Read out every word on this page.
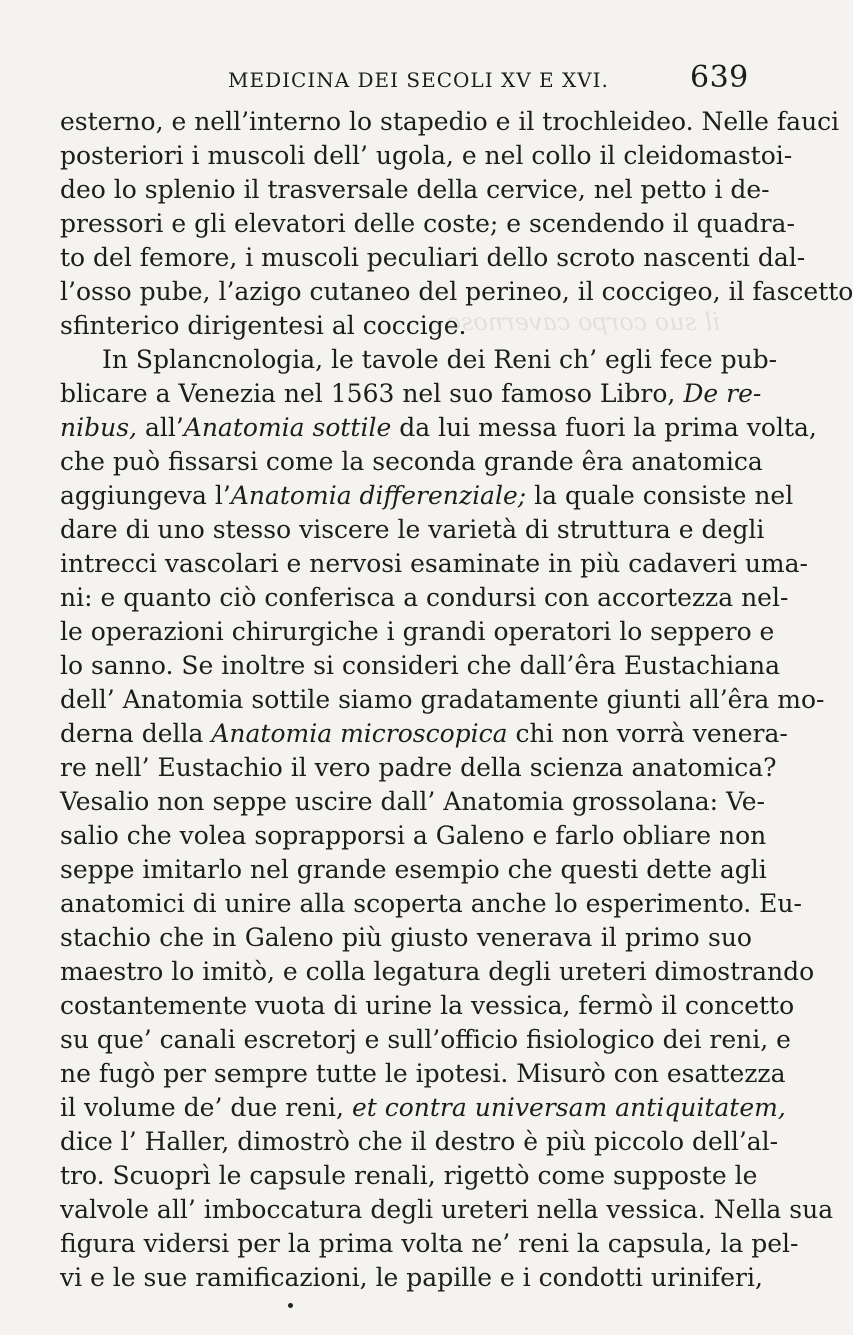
MEDICINA DEI SECOLI XV E XVI.	639
il suo corpo cavernoso
esterno, e nell’interno lo stapedio e il trochleideo. Nelle fauci
posteriori i muscoli dell’ ugola, e nel collo il cleidomastoi-
deo lo splenio il trasversale della cervice, nel petto i de-
pressori e gli elevatori delle coste; e scendendo il quadra-
to del femore, i muscoli peculiari dello scroto nascenti dal-
l’osso pube, l’azigo cutaneo del perineo, il coccigeo, il fascetto
sfinterico dirigentesi al coccige.
In Splancnologia, le tavole dei Reni ch’ egli fece pub-
blicare a Venezia nel 1563 nel suo famoso Libro, De re-
nibus, all’Anatomia sottile da lui messa fuori la prima volta,
che può fissarsi come la seconda grande êra anatomica
aggiungeva l’Anatomia differenziale; la quale consiste nel
dare di uno stesso viscere le varietà di struttura e degli
intrecci vascolari e nervosi esaminate in più cadaveri uma-
ni: e quanto ciò conferisca a condursi con accortezza nel-
le operazioni chirurgiche i grandi operatori lo seppero e
lo sanno. Se inoltre si consideri che dall’êra Eustachiana
dell’ Anatomia sottile siamo gradatamente giunti all’êra mo-
derna della Anatomia microscopica chi non vorrà venera-
re nell’ Eustachio il vero padre della scienza anatomica?
Vesalio non seppe uscire dall’ Anatomia grossolana: Ve-
salio che volea soprapporsi a Galeno e farlo obliare non
seppe imitarlo nel grande esempio che questi dette agli
anatomici di unire alla scoperta anche lo esperimento. Eu-
stachio che in Galeno più giusto venerava il primo suo
maestro lo imitò, e colla legatura degli ureteri dimostrando
costantemente vuota di urine la vessica, fermò il concetto
su que’ canali escretorj e sull’officio fisiologico dei reni, e
ne fugò per sempre tutte le ipotesi. Misurò con esattezza
il volume de’ due reni, et contra universam antiquitatem,
dice l’ Haller, dimostrò che il destro è più piccolo dell’al-
tro. Scuoprì le capsule renali, rigettò come supposte le
valvole all’ imboccatura degli ureteri nella vessica. Nella sua
figura vidersi per la prima volta ne’ reni la capsula, la pel-
vi e le sue ramificazioni, le papille e i condotti uriniferi,
